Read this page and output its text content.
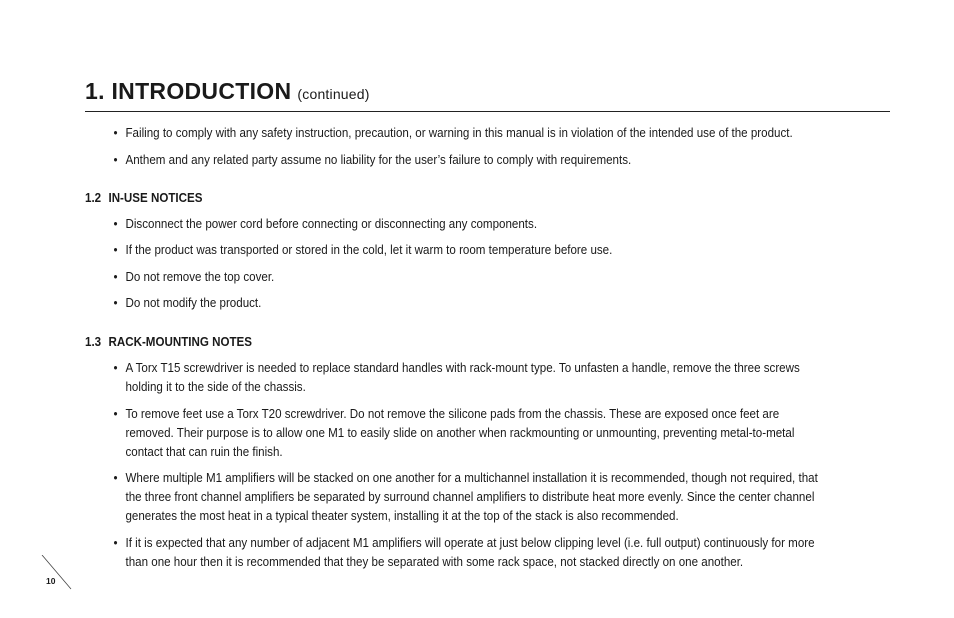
1. INTRODUCTION (continued)
• Failing to comply with any safety instruction, precaution, or warning in this manual is in violation of the intended use of the product.
• Anthem and any related party assume no liability for the user’s failure to comply with requirements.
1.2 IN-USE NOTICES
• Disconnect the power cord before connecting or disconnecting any components.
• If the product was transported or stored in the cold, let it warm to room temperature before use.
• Do not remove the top cover.
• Do not modify the product.
1.3 RACK-MOUNTING NOTES
• A Torx T15 screwdriver is needed to replace standard handles with rack-mount type. To unfasten a handle, remove the three screws holding it to the side of the chassis.
• To remove feet use a Torx T20 screwdriver. Do not remove the silicone pads from the chassis. These are exposed once feet are removed. Their purpose is to allow one M1 to easily slide on another when rackmounting or unmounting, preventing metal-to-metal contact that can ruin the finish.
• Where multiple M1 amplifiers will be stacked on one another for a multichannel installation it is recommended, though not required, that the three front channel amplifiers be separated by surround channel amplifiers to distribute heat more evenly. Since the center channel generates the most heat in a typical theater system, installing it at the top of the stack is also recommended.
• If it is expected that any number of adjacent M1 amplifiers will operate at just below clipping level (i.e. full output) continuously for more than one hour then it is recommended that they be separated with some rack space, not stacked directly on one another.
10
